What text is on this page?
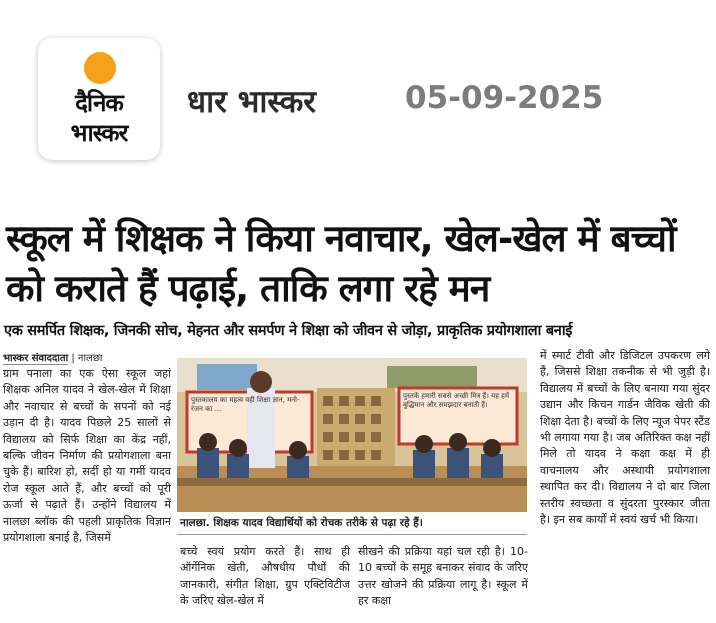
दैनिक
भास्कर
धार भास्कर	05-09-2025
स्कूल में शिक्षक ने किया नवाचार, खेल-खेल में बच्चों को कराते हैं पढ़ाई, ताकि लगा रहे मन
एक समर्पित शिक्षक, जिनकी सोच, मेहनत और समर्पण ने शिक्षा को जीवन से जोड़ा, प्राकृतिक प्रयोगशाला बनाई
भास्कर संवाददाता | नालछा
ग्राम पनाला का एक ऐसा स्कूल जहां शिक्षक अनिल यादव ने खेल-खेल में शिक्षा और नवाचार से बच्चों के सपनों को नई उड़ान दी है। यादव पिछले 25 सालों से विद्यालय को सिर्फ शिक्षा का केंद्र नहीं, बल्कि जीवन निर्माण की प्रयोगशाला बना चुके हैं। बारिश हो, सर्दी हो या गर्मी यादव रोज स्कूल आते हैं, और बच्चों को पूरी ऊर्जा से पढ़ाते हैं। उन्होंने विद्यालय में नालछा ब्लॉक की पहली प्राकृतिक विज्ञान प्रयोगशाला बनाई है, जिसमें
पुस्तकालय का महत्व वही शिक्षा ज्ञान, मनो- रंजन का ...
पुस्तकें हमारी सबसे अच्छी मित्र हैं। यह हमें बुद्धिमान और समझदार बनाती हैं।
नालछा. शिक्षक यादव विद्यार्थियों को रोचक तरीके से पढ़ा रहे हैं।
बच्चे स्वयं प्रयोग करते हैं। साथ ही ऑर्गेनिक खेती, औषधीय पौधों की जानकारी, संगीत शिक्षा, ग्रुप एक्टिविटीज के जरिए खेल-खेल में
सीखने की प्रक्रिया यहां चल रही है। 10-10 बच्चों के समूह बनाकर संवाद के जरिए उत्तर खोजने की प्रक्रिया लागू है। स्कूल में हर कक्षा
में स्मार्ट टीवी और डिजिटल उपकरण लगे हैं, जिससे शिक्षा तकनीक से भी जुड़ी है। विद्यालय में बच्चों के लिए बनाया गया सुंदर उद्यान और किचन गार्डन जैविक खेती की शिक्षा देता है। बच्चों के लिए न्यूज पेपर स्टैंड भी लगाया गया है। जब अतिरिक्त कक्ष नहीं मिले तो यादव ने कक्षा कक्ष में ही वाचनालय और अस्थायी प्रयोगशाला स्थापित कर दी। विद्यालय ने दो बार जिला स्तरीय स्वच्छता व सुंदरता पुरस्कार जीता है। इन सब कार्यों में स्वयं खर्च भी किया।
